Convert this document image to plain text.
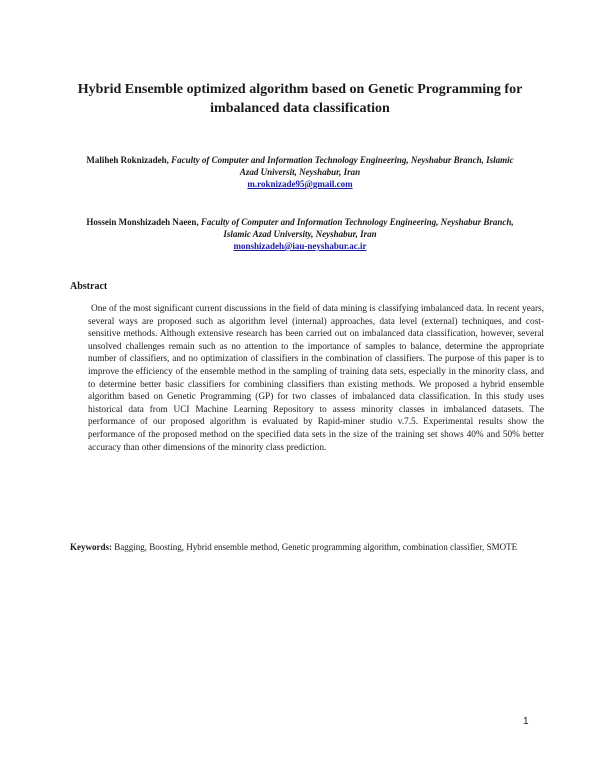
Hybrid Ensemble optimized algorithm based on Genetic Programming for
imbalanced data classification
Maliheh Roknizadeh, Faculty of Computer and Information Technology Engineering, Neyshabur Branch, Islamic Azad Universit, Neyshabur, Iran
m.roknizade95@gmail.com
Hossein Monshizadeh Naeen, Faculty of Computer and Information Technology Engineering, Neyshabur Branch, Islamic Azad University, Neyshabur, Iran
monshizadeh@iau-neyshabur.ac.ir
Abstract

One of the most significant current discussions in the field of data mining is classifying imbalanced data. In recent years, several ways are proposed such as algorithm level (internal) approaches, data level (external) techniques, and cost-sensitive methods. Although extensive research has been carried out on imbalanced data classification, however, several unsolved challenges remain such as no attention to the importance of samples to balance, determine the appropriate number of classifiers, and no optimization of classifiers in the combination of classifiers. The purpose of this paper is to improve the efficiency of the ensemble method in the sampling of training data sets, especially in the minority class, and to determine better basic classifiers for combining classifiers than existing methods. We proposed a hybrid ensemble algorithm based on Genetic Programming (GP) for two classes of imbalanced data classification. In this study uses historical data from UCI Machine Learning Repository to assess minority classes in imbalanced datasets. The performance of our proposed algorithm is evaluated by Rapid-miner studio v.7.5. Experimental results show the performance of the proposed method on the specified data sets in the size of the training set shows 40% and 50% better accuracy than other dimensions of the minority class prediction.

Keywords: Bagging, Boosting, Hybrid ensemble method, Genetic programming algorithm, combination classifier, SMOTE
1
